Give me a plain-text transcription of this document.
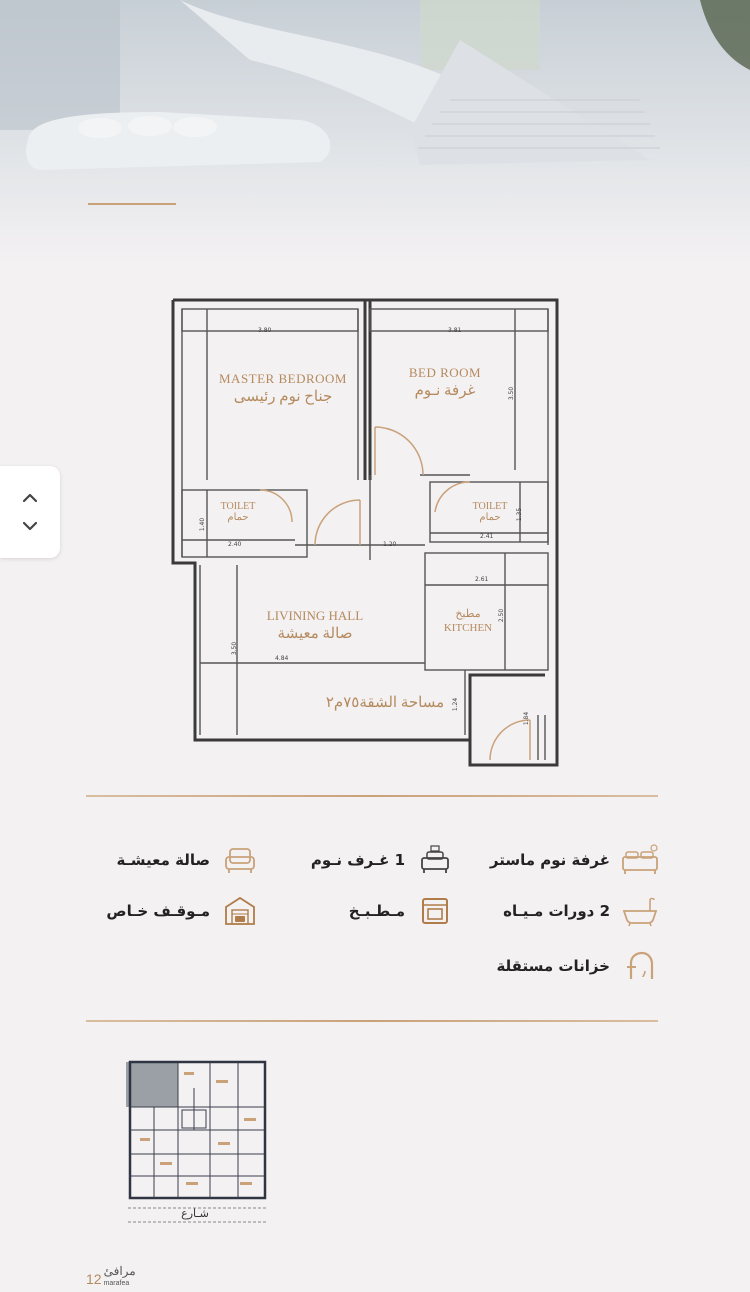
MASTER BEDROOM
جناح نوم رئيسى
BED ROOM
غرفة نـوم
TOILET
حمام
TOILET
حمام
LIVINING HALL
صالة معيشة
مطبخ
KITCHEN
مساحة الشقة٧٥م٢
3.80	3.81
3.50
1.40
2.40	1.20
2.41
1.35
2.61
2.50
3.50
4.84
1.24
1.84
غرفة نوم ماستر
1 غـرف نـوم
صالة معيشـة
2 دورات مـيـاه
مـطـبـخ
مـوقـف خـاص
خزانات مستقلة
شـارع
12 مرافئ
marafea
